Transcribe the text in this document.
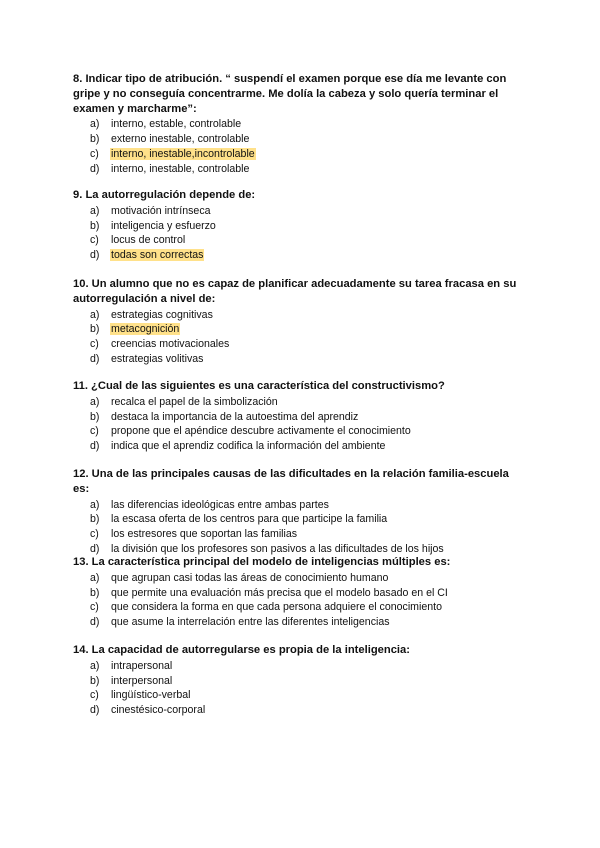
8. Indicar tipo de atribución. “ suspendí el examen porque ese día me levante con gripe y no conseguía concentrarme. Me dolía la cabeza y solo quería terminar el examen y marcharme”:

a) interno, estable, controlable
b) externo inestable, controlable
c) interno, inestable,incontrolable
d) interno, inestable, controlable

9. La autorregulación depende de:

a) motivación intrínseca
b) inteligencia y esfuerzo
c) locus de control
d) todas son correctas

10. Un alumno que no es capaz de planificar adecuadamente su tarea fracasa en su autorregulación a nivel de:

a) estrategias cognitivas
b) metacognición
c) creencias motivacionales
d) estrategias volitivas

11. ¿Cual de las siguientes es una característica del constructivismo?

a) recalca el papel de la simbolización
b) destaca la importancia de la autoestima del aprendiz
c) propone que el apéndice descubre activamente el conocimiento
d) indica que el aprendiz codifica la información del ambiente

12. Una de las principales causas de las dificultades en la relación familia-escuela es:

a) las diferencias ideológicas entre ambas partes
b) la escasa oferta de los centros para que participe la familia
c) los estresores que soportan las familias
d) la división que los profesores son pasivos a las dificultades de los hijos

13. La característica principal del modelo de inteligencias múltiples es:

a) que agrupan casi todas las áreas de conocimiento humano
b) que permite una evaluación más precisa que el modelo basado en el CI
c) que considera la forma en que cada persona adquiere el conocimiento
d) que asume la interrelación entre las diferentes inteligencias

14. La capacidad de autorregularse es propia de la inteligencia:

a) intrapersonal
b) interpersonal
c) lingüístico-verbal
d) cinestésico-corporal
